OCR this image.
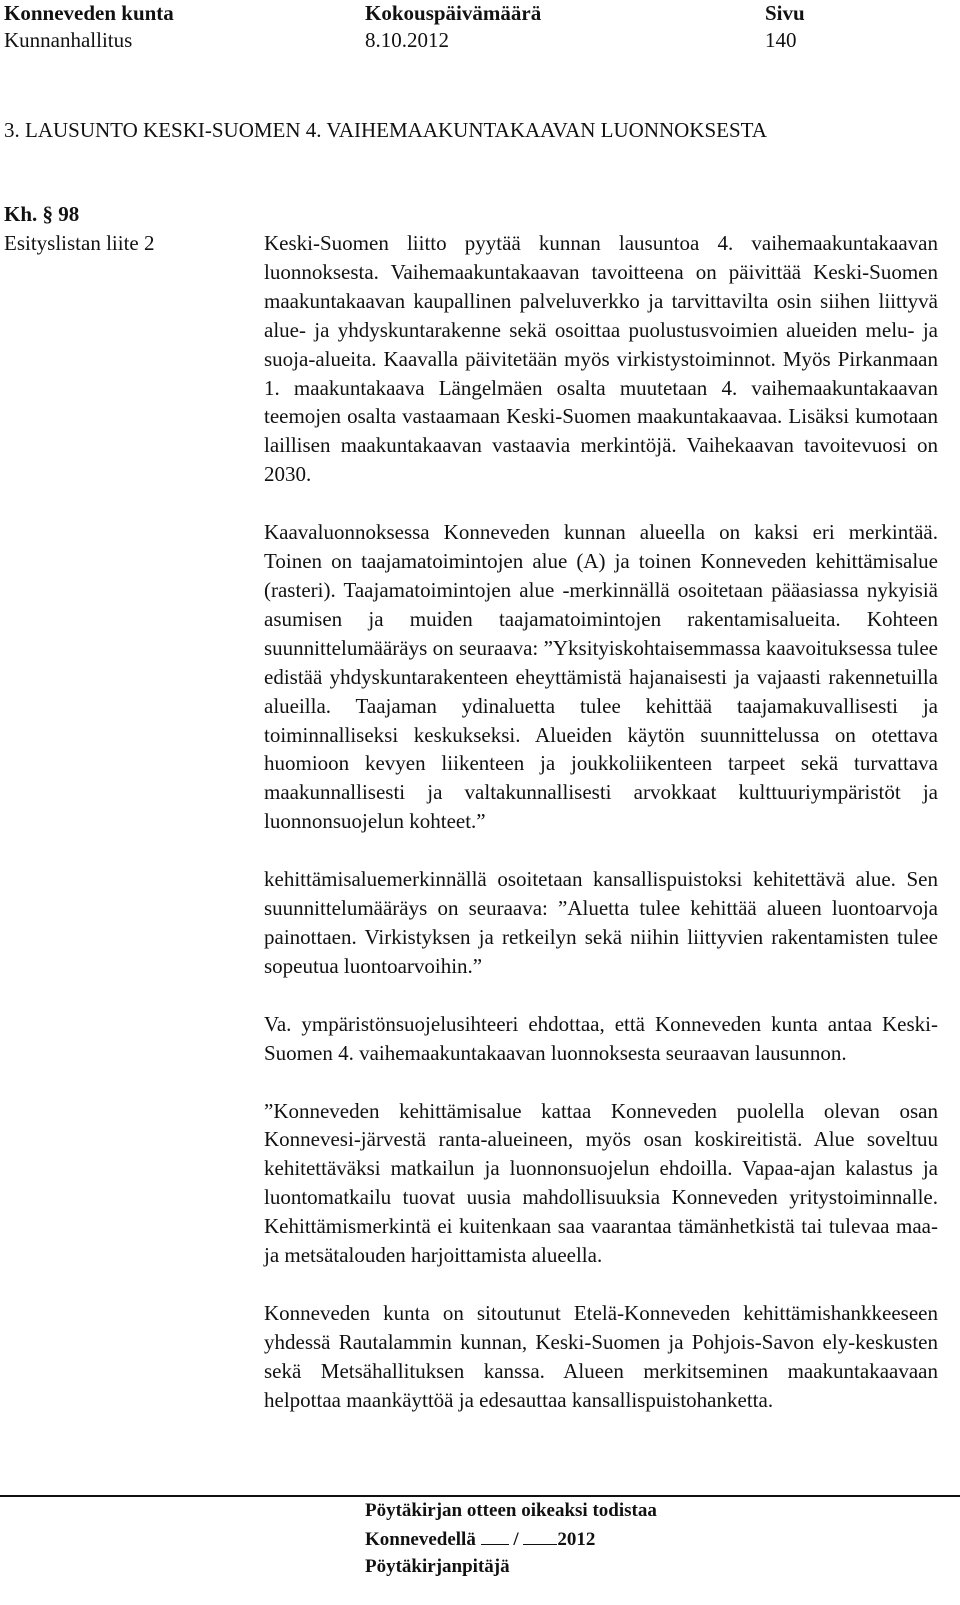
Konneveden kunta
Kunnanhallitus
Kokouspäivämäärä
8.10.2012
Sivu
140
3. LAUSUNTO KESKI-SUOMEN 4. VAIHEMAAKUNTAKAAVAN LUONNOKSESTA
Kh. § 98
Esityslistan liite 2	Keski-Suomen liitto pyytää kunnan lausuntoa 4. vaihemaakuntakaavan luonnoksesta. Vaihemaakuntakaavan tavoitteena on päivittää Keski-Suomen maakuntakaavan kaupallinen palveluverkko ja tarvittavilta osin siihen liittyvä alue- ja yhdyskuntarakenne sekä osoittaa puolustusvoimien alueiden melu- ja suoja-alueita. Kaavalla päivitetään myös virkistystoiminnot. Myös Pirkanmaan 1. maakuntakaava Längelmäen osalta muutetaan 4. vaihemaakuntakaavan teemojen osalta vastaamaan Keski-Suomen maakuntakaavaa. Lisäksi kumotaan laillisen maakuntakaavan vastaavia merkintöjä. Vaihekaavan tavoitevuosi on 2030.

Kaavaluonnoksessa Konneveden kunnan alueella on kaksi eri merkintää. Toinen on taajamatoimintojen alue (A) ja toinen Konneveden kehittämisalue (rasteri). Taajamatoimintojen alue -merkinnällä osoitetaan pääasiassa nykyisiä asumisen ja muiden taajamatoimintojen rakentamisalueita. Kohteen suunnittelumääräys on seuraava: ”Yksityiskohtaisemmassa kaavoituksessa tulee edistää yhdyskuntarakenteen eheyttämistä hajanaisesti ja vajaasti rakennetuilla alueilla. Taajaman ydinaluetta tulee kehittää taajamakuvallisesti ja toiminnalliseksi keskukseksi. Alueiden käytön suunnittelussa on otettava huomioon kevyen liikenteen ja joukkoliikenteen tarpeet sekä turvattava maakunnallisesti ja valtakunnallisesti arvokkaat kulttuuriympäristöt ja luonnonsuojelun kohteet.”

kehittämisaluemerkinnällä osoitetaan kansallispuistoksi kehitettävä alue. Sen suunnittelumääräys on seuraava: ”Aluetta tulee kehittää alueen luontoarvoja painottaen. Virkistyksen ja retkeilyn sekä niihin liittyvien rakentamisten tulee sopeutua luontoarvoihin.”

Va. ympäristönsuojelusihteeri ehdottaa, että Konneveden kunta antaa Keski-Suomen 4. vaihemaakuntakaavan luonnoksesta seuraavan lausunnon.

”Konneveden kehittämisalue kattaa Konneveden puolella olevan osan Konnevesi-järvestä ranta-alueineen, myös osan koskireitistä. Alue soveltuu kehitettäväksi matkailun ja luonnonsuojelun ehdoilla. Vapaa-ajan kalastus ja luontomatkailu tuovat uusia mahdollisuuksia Konneveden yritystoiminnalle. Kehittämismerkintä ei kuitenkaan saa vaarantaa tämänhetkistä tai tulevaa maa- ja metsätalouden harjoittamista alueella.

Konneveden kunta on sitoutunut Etelä-Konneveden kehittämishankkeeseen yhdessä Rautalammin kunnan, Keski-Suomen ja Pohjois-Savon ely-keskusten sekä Metsähallituksen kanssa. Alueen merkitseminen maakuntakaavaan helpottaa maankäyttöä ja edesauttaa kansallispuistohanketta.

Pöytäkirjan otteen oikeaksi todistaa
Konnevedellä / 2012
Pöytäkirjanpitäjä
